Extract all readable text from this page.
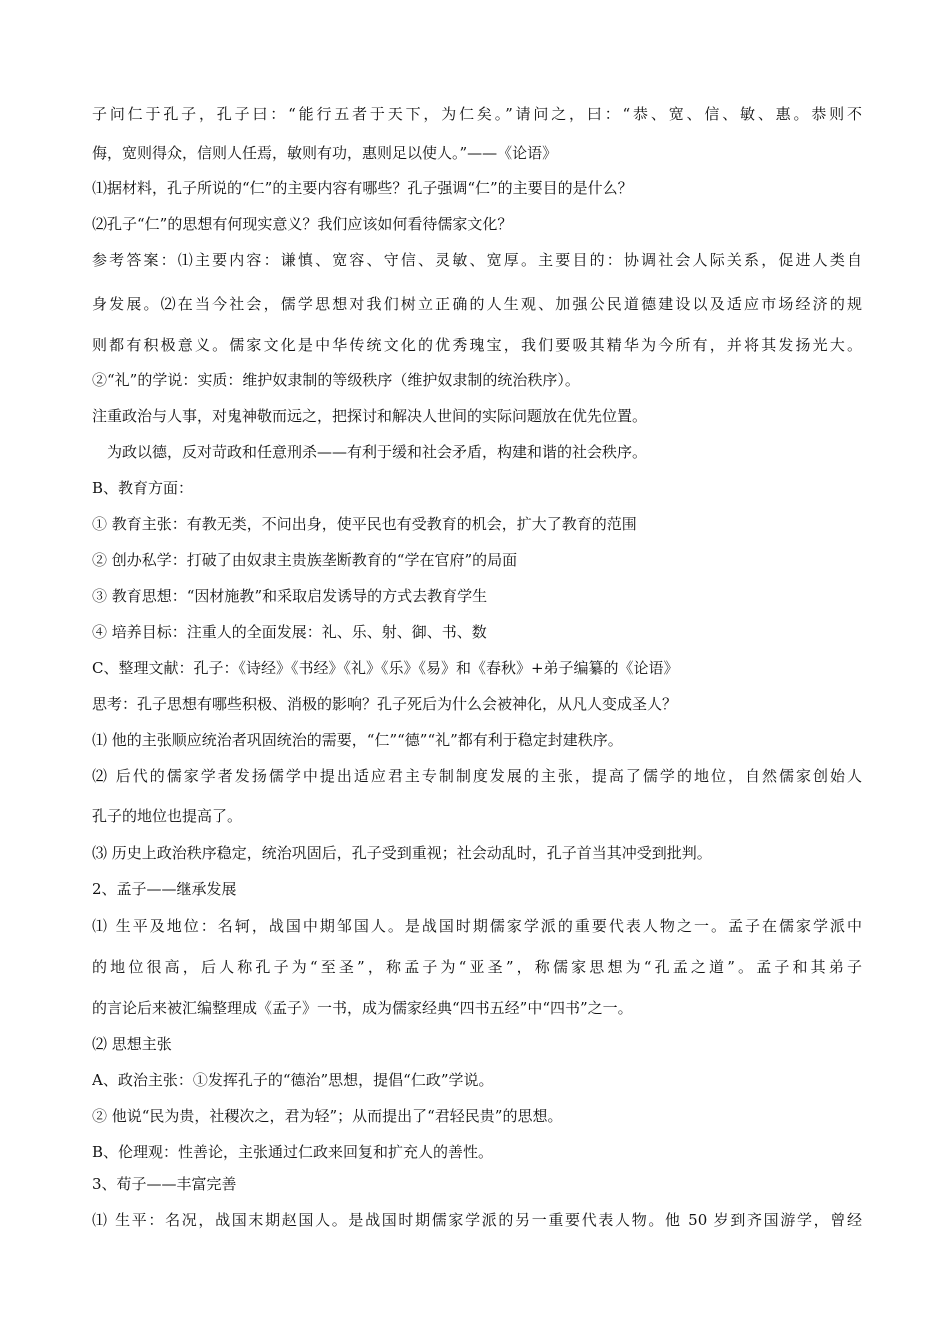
子问仁于孔子，孔子曰：“能行五者于天下，为仁矣。”请问之，曰：“恭、宽、信、敏、惠。恭则不
侮，宽则得众，信则人任焉，敏则有功，惠则足以使人。”——《论语》
⑴据材料，孔子所说的“仁”的主要内容有哪些？孔子强调“仁”的主要目的是什么？
⑵孔子“仁”的思想有何现实意义？我们应该如何看待儒家文化？
参考答案：⑴主要内容：谦慎、宽容、守信、灵敏、宽厚。主要目的：协调社会人际关系，促进人类自
身发展。⑵在当今社会，儒学思想对我们树立正确的人生观、加强公民道德建设以及适应市场经济的规
则都有积极意义。儒家文化是中华传统文化的优秀瑰宝，我们要吸其精华为今所有，并将其发扬光大。
②“礼”的学说：实质：维护奴隶制的等级秩序（维护奴隶制的统治秩序）。
注重政治与人事，对鬼神敬而远之，把探讨和解决人世间的实际问题放在优先位置。
为政以德，反对苛政和任意刑杀——有利于缓和社会矛盾，构建和谐的社会秩序。
B、教育方面：
① 教育主张：有教无类，不问出身，使平民也有受教育的机会，扩大了教育的范围
② 创办私学：打破了由奴隶主贵族垄断教育的“学在官府”的局面
③ 教育思想：“因材施教”和采取启发诱导的方式去教育学生
④ 培养目标：注重人的全面发展：礼、乐、射、御、书、数
C、整理文献：孔子：《诗经》《书经》《礼》《乐》《易》和《春秋》+弟子编纂的《论语》
思考：孔子思想有哪些积极、消极的影响？孔子死后为什么会被神化，从凡人变成圣人？
⑴ 他的主张顺应统治者巩固统治的需要，“仁”“德”“礼”都有利于稳定封建秩序。
⑵ 后代的儒家学者发扬儒学中提出适应君主专制制度发展的主张，提高了儒学的地位，自然儒家创始人
孔子的地位也提高了。
⑶ 历史上政治秩序稳定，统治巩固后，孔子受到重视；社会动乱时，孔子首当其冲受到批判。
2、孟子——继承发展
⑴ 生平及地位：名轲，战国中期邹国人。是战国时期儒家学派的重要代表人物之一。孟子在儒家学派中
的地位很高，后人称孔子为“至圣”，称孟子为“亚圣”，称儒家思想为“孔孟之道”。孟子和其弟子
的言论后来被汇编整理成《孟子》一书，成为儒家经典“四书五经”中“四书”之一。
⑵ 思想主张
A、政治主张：①发挥孔子的“德治”思想，提倡“仁政”学说。
② 他说“民为贵，社稷次之，君为轻”；从而提出了“君轻民贵”的思想。
B、伦理观：性善论，主张通过仁政来回复和扩充人的善性。
3、荀子——丰富完善
⑴ 生平：名况，战国末期赵国人。是战国时期儒家学派的另一重要代表人物。他 50 岁到齐国游学，曾经
